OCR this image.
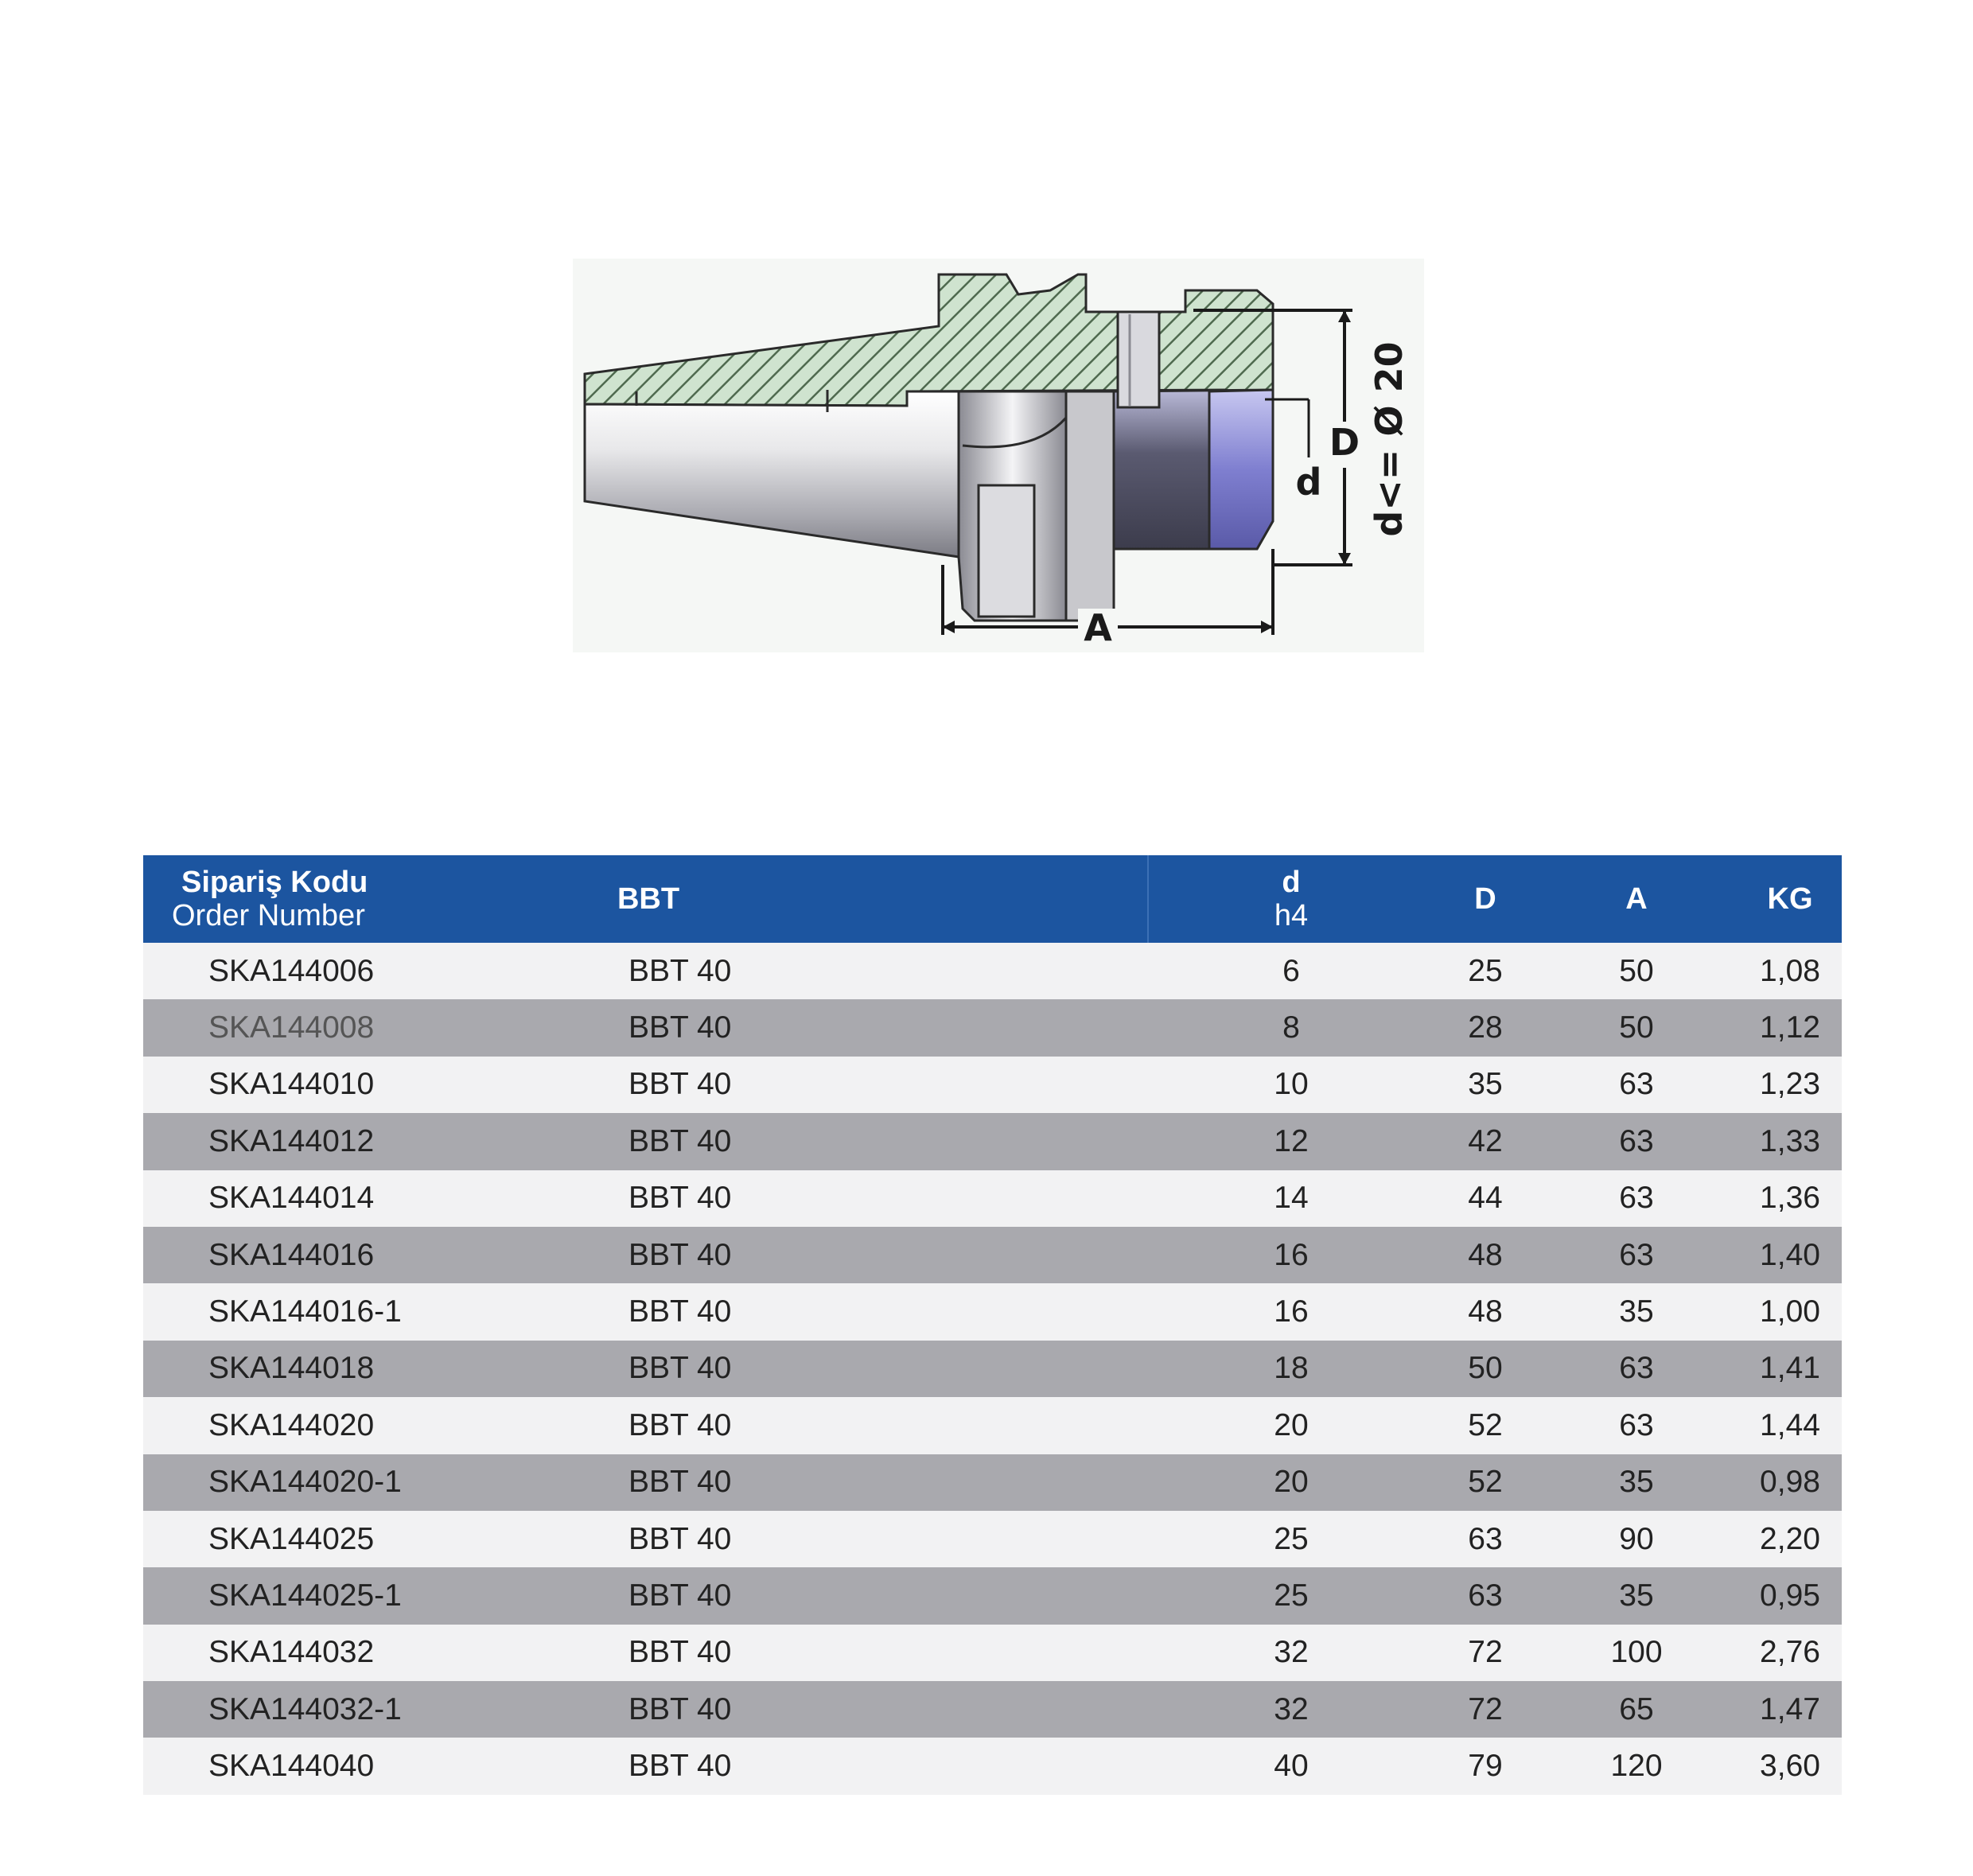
D
d
A
d<= Ø 20
Sipariş Kodu
Order Number	BBT	d
h4	D	A	KG
SKA144006	BBT 40	6	25	50	1,08
SKA144008	BBT 40	8	28	50	1,12
SKA144010	BBT 40	10	35	63	1,23
SKA144012	BBT 40	12	42	63	1,33
SKA144014	BBT 40	14	44	63	1,36
SKA144016	BBT 40	16	48	63	1,40
SKA144016-1	BBT 40	16	48	35	1,00
SKA144018	BBT 40	18	50	63	1,41
SKA144020	BBT 40	20	52	63	1,44
SKA144020-1	BBT 40	20	52	35	0,98
SKA144025	BBT 40	25	63	90	2,20
SKA144025-1	BBT 40	25	63	35	0,95
SKA144032	BBT 40	32	72	100	2,76
SKA144032-1	BBT 40	32	72	65	1,47
SKA144040	BBT 40	40	79	120	3,60
